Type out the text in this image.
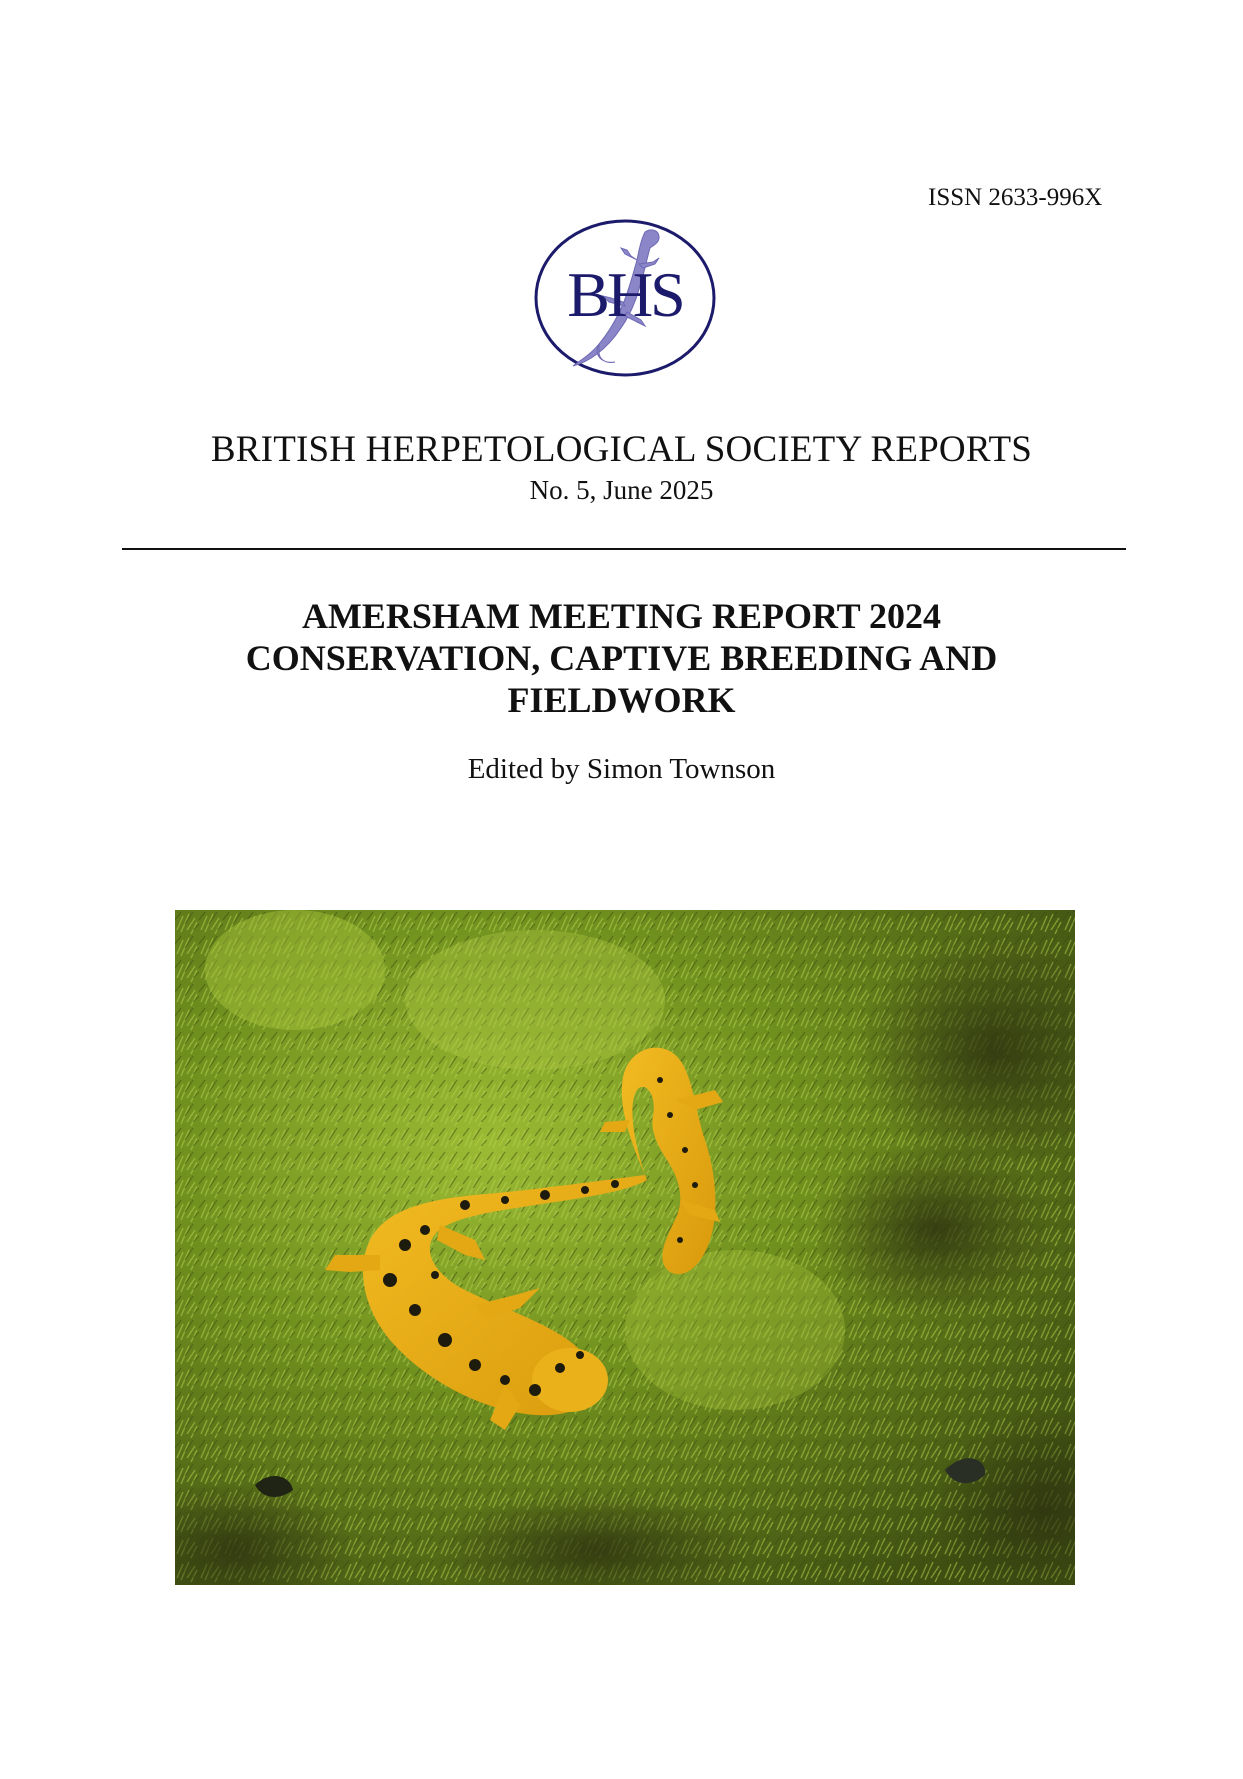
ISSN 2633-996X
BHS
BRITISH HERPETOLOGICAL SOCIETY REPORTS
No. 5, June 2025
AMERSHAM MEETING REPORT 2024
CONSERVATION, CAPTIVE BREEDING AND
FIELDWORK
Edited by Simon Townson
